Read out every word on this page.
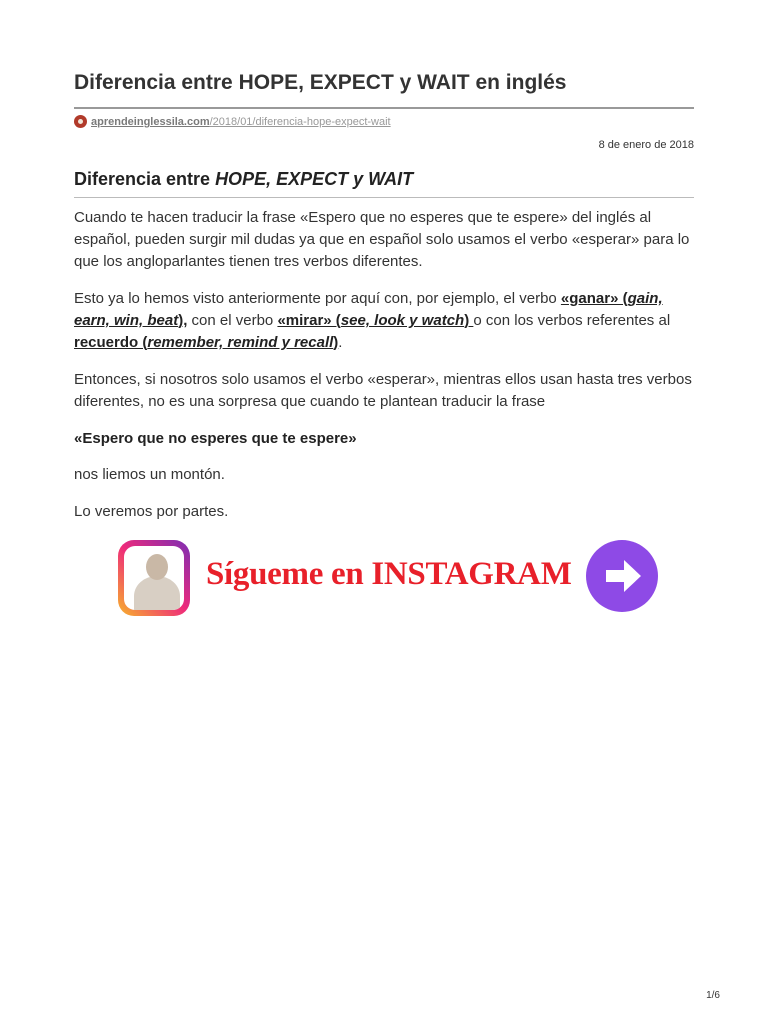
Diferencia entre HOPE, EXPECT y WAIT en inglés
aprendeinglessila.com/2018/01/diferencia-hope-expect-wait
8 de enero de 2018
Diferencia entre HOPE, EXPECT y WAIT

Cuando te hacen traducir la frase «Espero que no esperes que te espere» del inglés al español, pueden surgir mil dudas ya que en español solo usamos el verbo «esperar» para lo que los angloparlantes tienen tres verbos diferentes.

Esto ya lo hemos visto anteriormente por aquí con, por ejemplo, el verbo «ganar» (gain, earn, win, beat), con el verbo «mirar» (see, look y watch) o con los verbos referentes al recuerdo (remember, remind y recall).

Entonces, si nosotros solo usamos el verbo «esperar», mientras ellos usan hasta tres verbos diferentes, no es una sorpresa que cuando te plantean traducir la frase

«Espero que no esperes que te espere»

nos liemos un montón.

Lo veremos por partes.

Sígueme en INSTAGRAM
1/6
